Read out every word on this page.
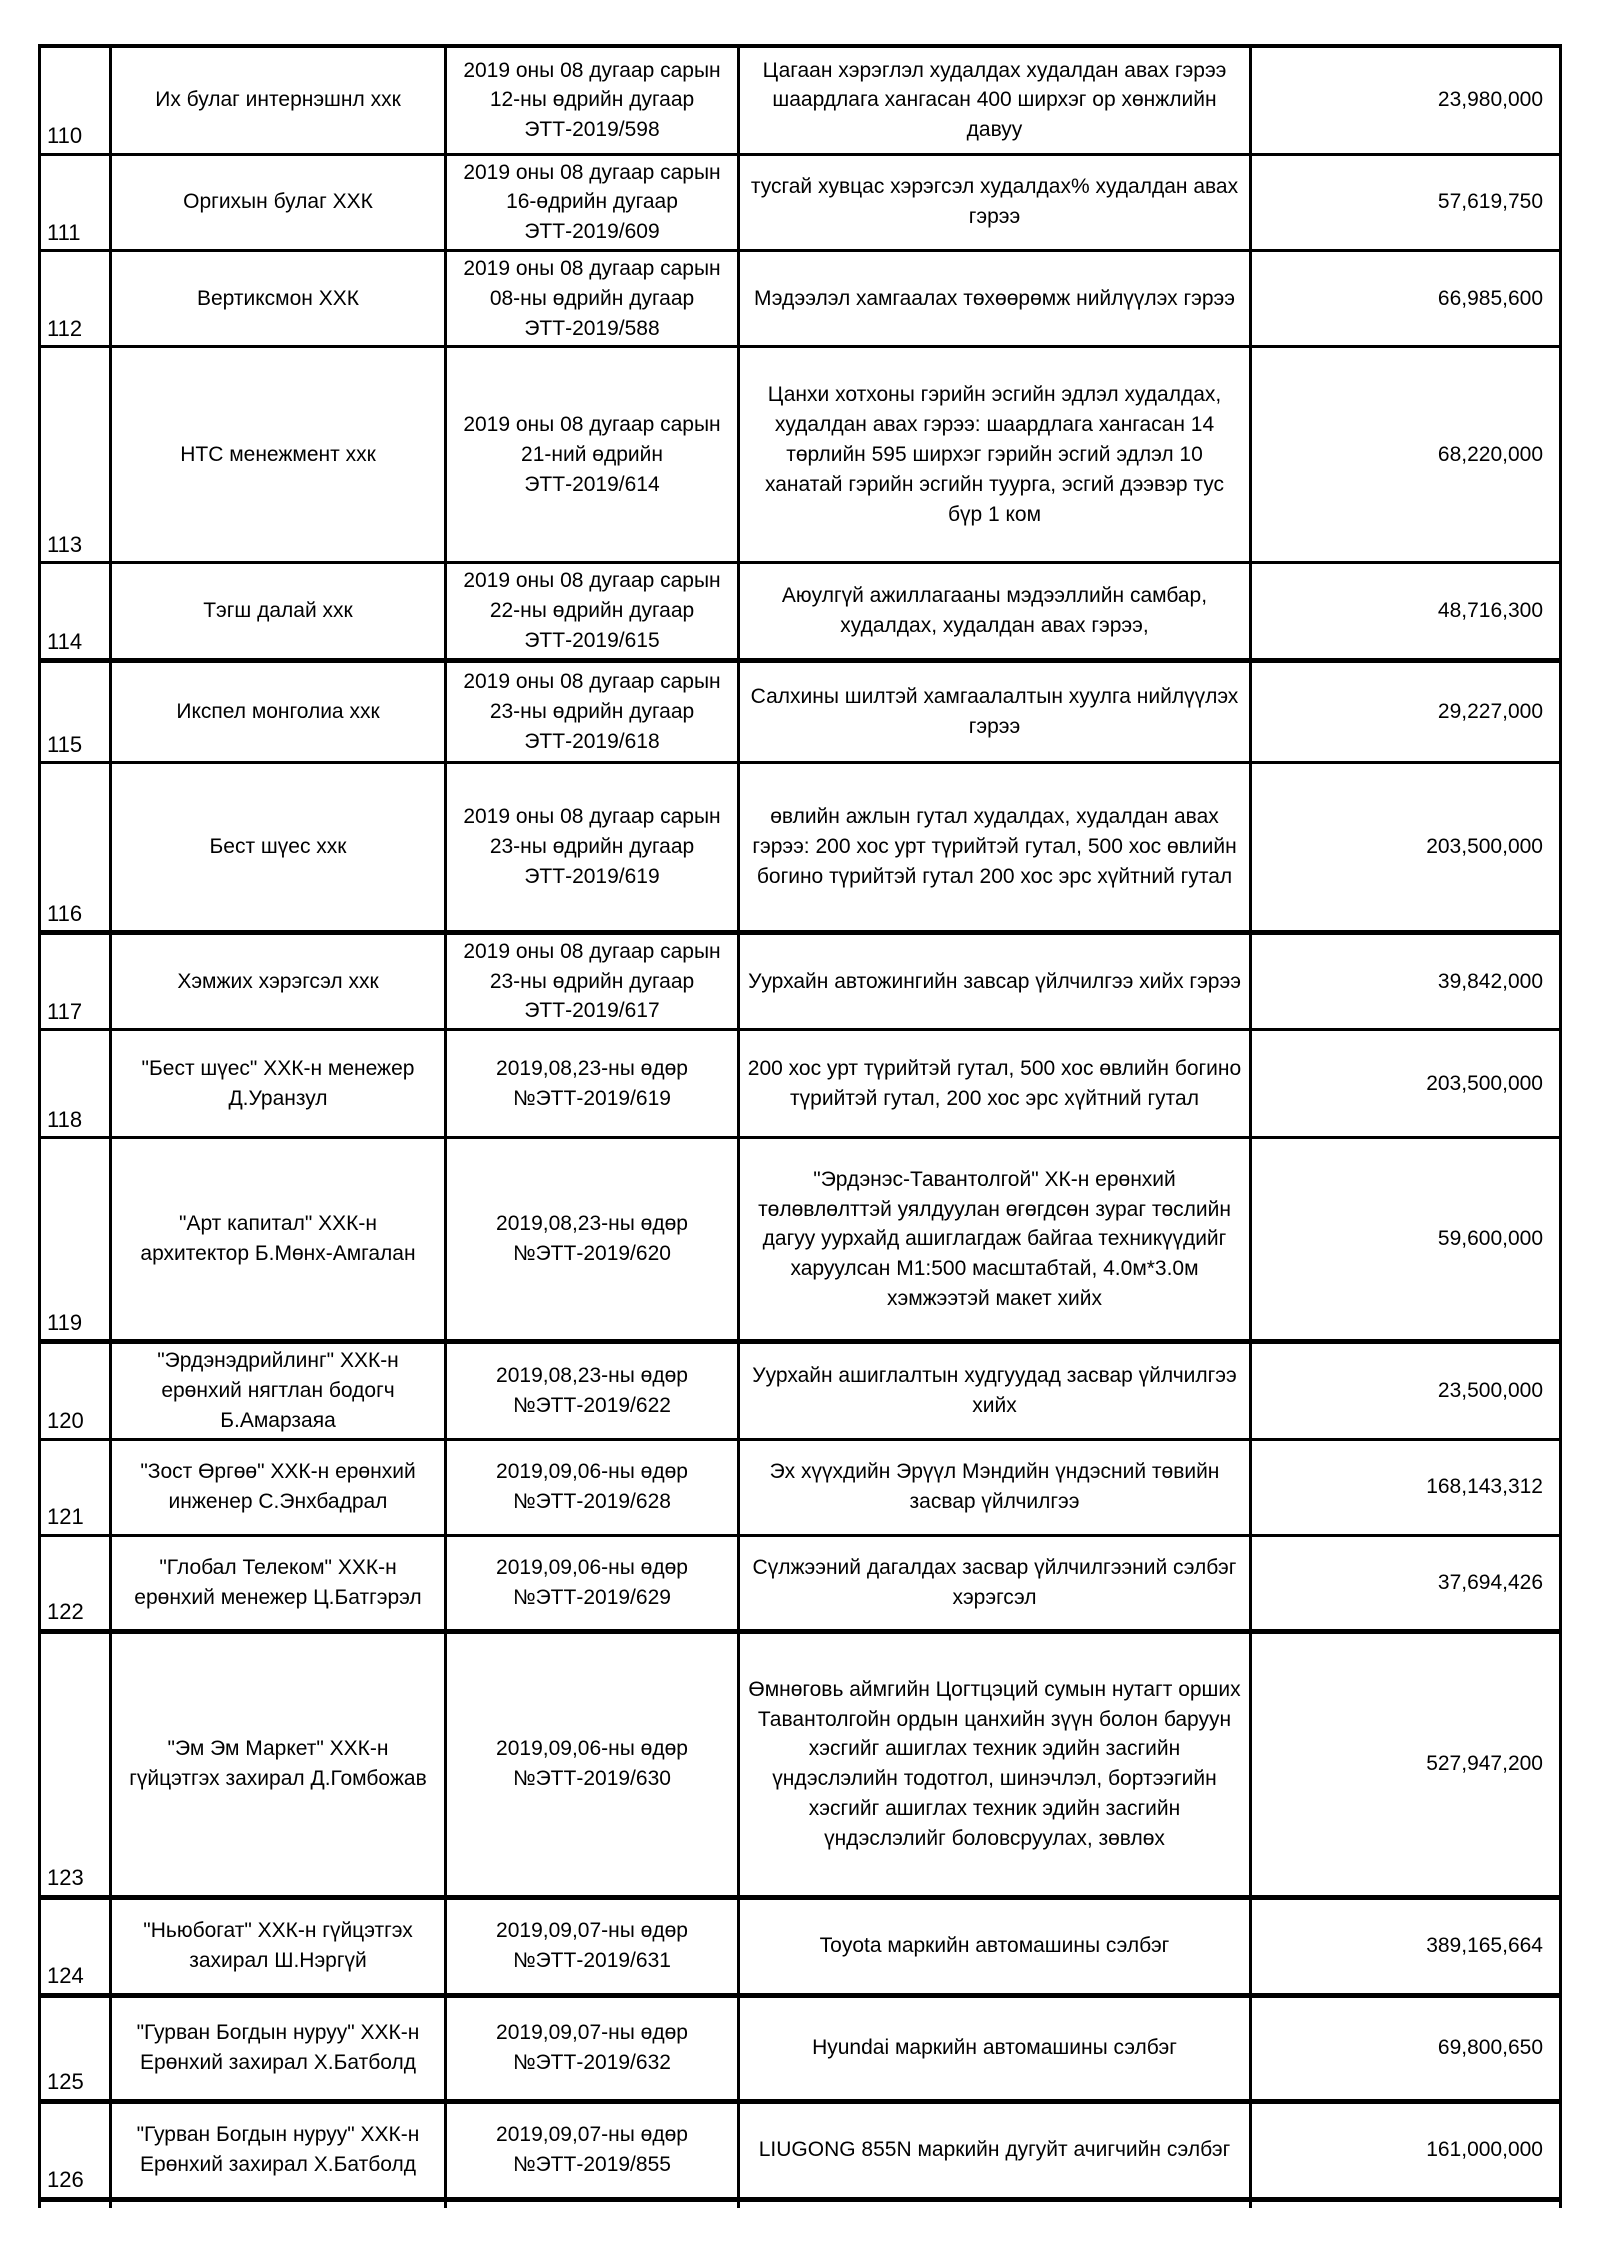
110	Их булаг интернэшнл ххк	2019 оны 08 дугаар сарын 12-ны өдрийн дугаар ЭТТ-2019/598	Цагаан хэрэглэл худалдах худалдан авах гэрээ шаардлага хангасан 400 ширхэг ор хөнжлийн давуу	23,980,000
111	Оргихын булаг ХХК	2019 оны 08 дугаар сарын 16-өдрийн дугаар ЭТТ-2019/609	тусгай хувцас хэрэгсэл худалдах% худалдан авах гэрээ	57,619,750
112	Вертиксмон ХХК	2019 оны 08 дугаар сарын 08-ны өдрийн дугаар ЭТТ-2019/588	Мэдээлэл хамгаалах төхөөрөмж нийлүүлэх гэрээ	66,985,600
113	НТС менежмент ххк	2019 оны 08 дугаар сарын 21-ний өдрийн ЭТТ-2019/614	Цанхи хотхоны гэрийн эсгийн эдлэл худалдах, худалдан авах гэрээ: шаардлага хангасан 14 төрлийн 595 ширхэг гэрийн эсгий эдлэл 10 ханатай гэрийн эсгийн туурга, эсгий дээвэр тус бүр 1 ком	68,220,000
114	Тэгш далай ххк	2019 оны 08 дугаар сарын 22-ны өдрийн дугаар ЭТТ-2019/615	Аюулгүй ажиллагааны мэдээллийн самбар, худалдах, худалдан авах гэрээ,	48,716,300
115	Икспел монголиа ххк	2019 оны 08 дугаар сарын 23-ны өдрийн дугаар ЭТТ-2019/618	Салхины шилтэй хамгаалалтын хуулга нийлүүлэх гэрээ	29,227,000
116	Бест шүес ххк	2019 оны 08 дугаар сарын 23-ны өдрийн дугаар ЭТТ-2019/619	өвлийн ажлын гутал худалдах, худалдан авах гэрээ: 200 хос урт түрийтэй гутал, 500 хос өвлийн богино түрийтэй гутал 200 хос эрс хүйтний гутал	203,500,000
117	Хэмжих хэрэгсэл ххк	2019 оны 08 дугаар сарын 23-ны өдрийн дугаар ЭТТ-2019/617	Уурхайн автожингийн завсар үйлчилгээ хийх гэрээ	39,842,000
118	"Бест шүес" ХХК-н менежер Д.Уранзул	2019,08,23-ны өдөр №ЭТТ-2019/619	200 хос урт түрийтэй гутал, 500 хос өвлийн богино түрийтэй гутал, 200 хос эрс хүйтний гутал	203,500,000
119	"Арт капитал" ХХК-н архитектор Б.Мөнх-Амгалан	2019,08,23-ны өдөр №ЭТТ-2019/620	"Эрдэнэс-Тавантолгой" ХК-н ерөнхий төлөвлөлттэй уялдуулан өгөгдсөн зураг төслийн дагуу уурхайд ашиглагдаж байгаа техникүүдийг харуулсан М1:500 масштабтай, 4.0м*3.0м хэмжээтэй макет хийх	59,600,000
120	"Эрдэнэдрийлинг" ХХК-н ерөнхий нягтлан бодогч Б.Амарзаяа	2019,08,23-ны өдөр №ЭТТ-2019/622	Уурхайн ашиглалтын худгуудад засвар үйлчилгээ хийх	23,500,000
121	"Зост Өргөө" ХХК-н ерөнхий инженер С.Энхбадрал	2019,09,06-ны өдөр №ЭТТ-2019/628	Эх хүүхдийн Эрүүл Мэндийн үндэсний төвийн засвар үйлчилгээ	168,143,312
122	"Глобал Телеком" ХХК-н ерөнхий менежер Ц.Батгэрэл	2019,09,06-ны өдөр №ЭТТ-2019/629	Сүлжээний дагалдах засвар үйлчилгээний сэлбэг хэрэгсэл	37,694,426
123	"Эм Эм Маркет" ХХК-н гүйцэтгэх захирал Д.Гомбожав	2019,09,06-ны өдөр №ЭТТ-2019/630	Өмнөговь аймгийн Цогтцэций сумын нутагт орших Тавантолгойн ордын цанхийн зүүн болон баруун хэсгийг ашиглах техник эдийн засгийн үндэслэлийн тодотгол, шинэчлэл, бортээгийн хэсгийг ашиглах техник эдийн засгийн үндэслэлийг боловсруулах, зөвлөх	527,947,200
124	"Ньюбогат" ХХК-н гүйцэтгэх захирал Ш.Нэргүй	2019,09,07-ны өдөр №ЭТТ-2019/631	Toyota маркийн автомашины сэлбэг	389,165,664
125	"Гурван Богдын нуруу" ХХК-н Ерөнхий захирал Х.Батболд	2019,09,07-ны өдөр №ЭТТ-2019/632	Hyundai маркийн автомашины сэлбэг	69,800,650
126	"Гурван Богдын нуруу" ХХК-н Ерөнхий захирал Х.Батболд	2019,09,07-ны өдөр №ЭТТ-2019/855	LIUGONG 855N маркийн дугуйт ачигчийн сэлбэг	161,000,000
